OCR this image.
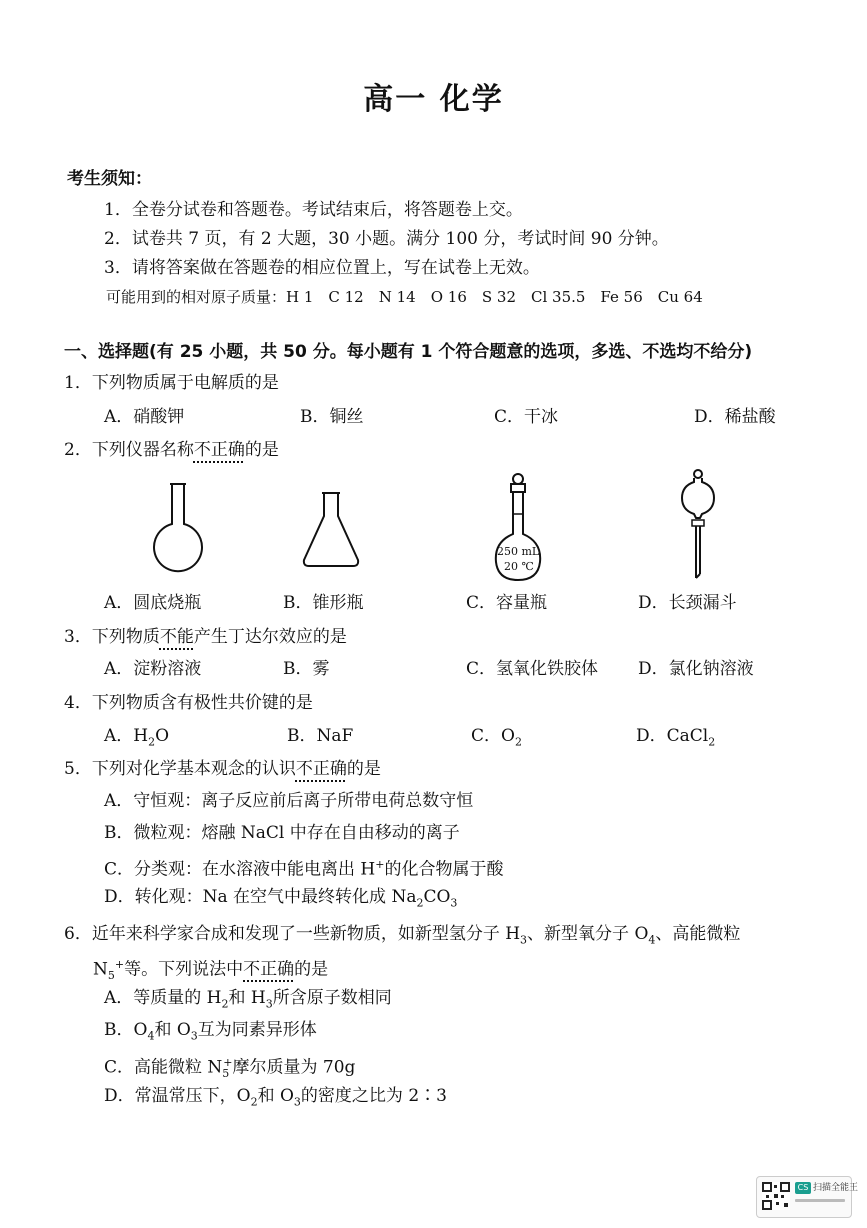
高一 化学
考生须知：
1．全卷分试卷和答题卷。考试结束后，将答题卷上交。
2．试卷共 7 页，有 2 大题，30 小题。满分 100 分，考试时间 90 分钟。
3．请将答案做在答题卷的相应位置上，写在试卷上无效。
可能用到的相对原子质量：H 1　C 12　N 14　O 16　S 32　Cl 35.5　Fe 56　Cu 64
一、选择题(有 25 小题，共 50 分。每小题有 1 个符合题意的选项，多选、不选均不给分)
1．下列物质属于电解质的是
A．硝酸钾	B．铜丝	C．干冰	D．稀盐酸
2．下列仪器名称不正确的是
250 mL
20 ℃
A．圆底烧瓶	B．锥形瓶	C．容量瓶	D．长颈漏斗
3．下列物质不能产生丁达尔效应的是
A．淀粉溶液	B．雾	C．氢氧化铁胶体 D．氯化钠溶液
4．下列物质含有极性共价键的是
A．$H_2O$	B．NaF	C．$O_2$	D．CaCl$_2$
5．下列对化学基本观念的认识不正确的是
A．守恒观：离子反应前后离子所带电荷总数守恒
B．微粒观：熔融 NaCl 中存在自由移动的离子
C．分类观：在水溶液中能电离出 H+的化合物属于酸
D．转化观：Na 在空气中最终转化成 $Na_2CO_3$
6．近年来科学家合成和发现了一些新物质，如新型氢分子 $H_3$、新型氧分子 $O_4$、高能微粒
$N_5^+$等。下列说法中不正确的是
A．等质量的 $H_2$和 $H_3$所含原子数相同
B．$O_4$和 $O_3$互为同素异形体
C．高能微粒 $N_5^+$摩尔质量为 70g
D．常温常压下，$O_2$和 $O_3$的密度之比为 2∶3
CS 扫描全能王
